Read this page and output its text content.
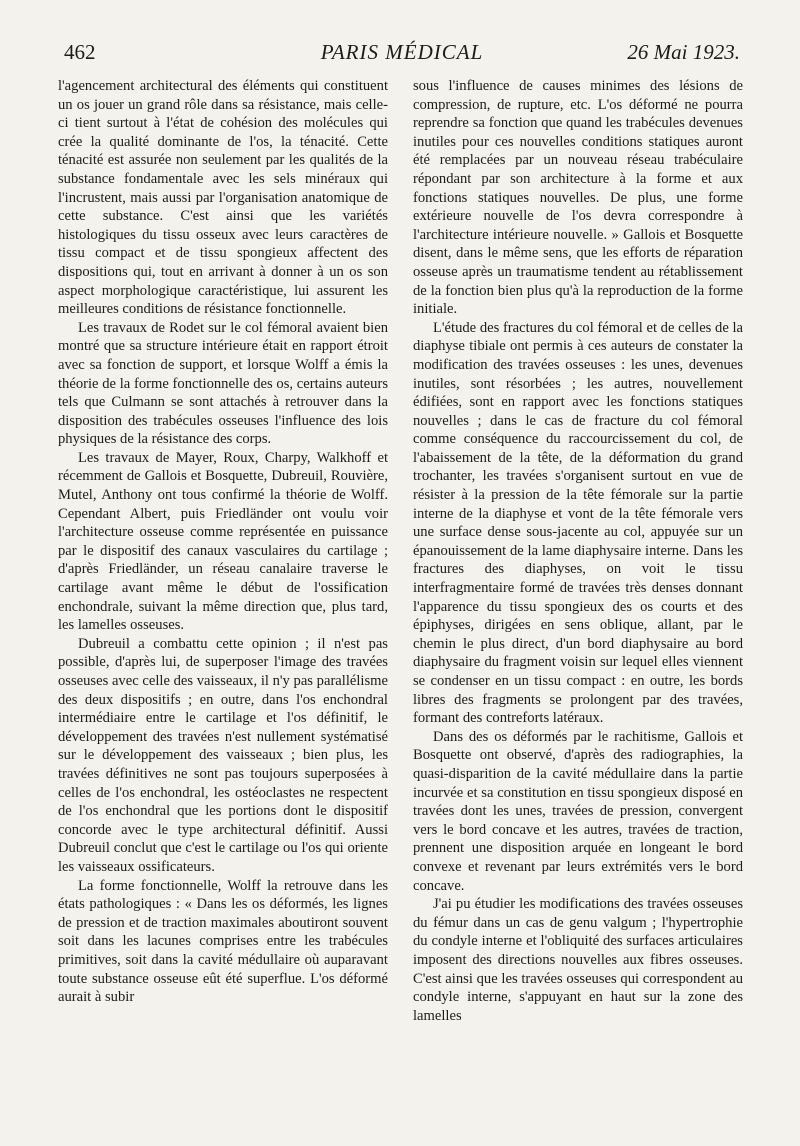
462	PARIS MÉDICAL	26 Mai 1923.

l'agencement architectural des éléments qui constituent un os jouer un grand rôle dans sa résistance, mais celle-ci tient surtout à l'état de cohésion des molécules qui crée la qualité dominante de l'os, la ténacité. Cette ténacité est assurée non seulement par les qualités de la substance fondamentale avec les sels minéraux qui l'incrustent, mais aussi par l'organisation anatomique de cette substance. C'est ainsi que les variétés histologiques du tissu osseux avec leurs caractères de tissu compact et de tissu spongieux affectent des dispositions qui, tout en arrivant à donner à un os son aspect morphologique caractéristique, lui assurent les meilleures conditions de résistance fonctionnelle.

Les travaux de Rodet sur le col fémoral avaient bien montré que sa structure intérieure était en rapport étroit avec sa fonction de support, et lorsque Wolff a émis la théorie de la forme fonctionnelle des os, certains auteurs tels que Culmann se sont attachés à retrouver dans la disposition des trabécules osseuses l'influence des lois physiques de la résistance des corps.

Les travaux de Mayer, Roux, Charpy, Walkhoff et récemment de Gallois et Bosquette, Dubreuil, Rouvière, Mutel, Anthony ont tous confirmé la théorie de Wolff. Cependant Albert, puis Friedländer ont voulu voir l'architecture osseuse comme représentée en puissance par le dispositif des canaux vasculaires du cartilage ; d'après Friedländer, un réseau canalaire traverse le cartilage avant même le début de l'ossification enchondrale, suivant la même direction que, plus tard, les lamelles osseuses.

Dubreuil a combattu cette opinion ; il n'est pas possible, d'après lui, de superposer l'image des travées osseuses avec celle des vaisseaux, il n'y pas parallélisme des deux dispositifs ; en outre, dans l'os enchondral intermédiaire entre le cartilage et l'os définitif, le développement des travées n'est nullement systématisé sur le développement des vaisseaux ; bien plus, les travées définitives ne sont pas toujours superposées à celles de l'os enchondral, les ostéoclastes ne respectent de l'os enchondral que les portions dont le dispositif concorde avec le type architectural définitif. Aussi Dubreuil conclut que c'est le cartilage ou l'os qui oriente les vaisseaux ossificateurs.

La forme fonctionnelle, Wolff la retrouve dans les états pathologiques : « Dans les os déformés, les lignes de pression et de traction maximales aboutiront souvent soit dans les lacunes comprises entre les trabécules primitives, soit dans la cavité médullaire où auparavant toute substance osseuse eût été superflue. L'os déformé aurait à subir

sous l'influence de causes minimes des lésions de compression, de rupture, etc. L'os déformé ne pourra reprendre sa fonction que quand les trabécules devenues inutiles pour ces nouvelles conditions statiques auront été remplacées par un nouveau réseau trabéculaire répondant par son architecture à la forme et aux fonctions statiques nouvelles. De plus, une forme extérieure nouvelle de l'os devra correspondre à l'architecture intérieure nouvelle. » Gallois et Bosquette disent, dans le même sens, que les efforts de réparation osseuse après un traumatisme tendent au rétablissement de la fonction bien plus qu'à la reproduction de la forme initiale.

L'étude des fractures du col fémoral et de celles de la diaphyse tibiale ont permis à ces auteurs de constater la modification des travées osseuses : les unes, devenues inutiles, sont résorbées ; les autres, nouvellement édifiées, sont en rapport avec les fonctions statiques nouvelles ; dans le cas de fracture du col fémoral comme conséquence du raccourcissement du col, de l'abaissement de la tête, de la déformation du grand trochanter, les travées s'organisent surtout en vue de résister à la pression de la tête fémorale sur la partie interne de la diaphyse et vont de la tête fémorale vers une surface dense sous-jacente au col, appuyée sur un épanouissement de la lame diaphysaire interne. Dans les fractures des diaphyses, on voit le tissu interfragmentaire formé de travées très denses donnant l'apparence du tissu spongieux des os courts et des épiphyses, dirigées en sens oblique, allant, par le chemin le plus direct, d'un bord diaphysaire au bord diaphysaire du fragment voisin sur lequel elles viennent se condenser en un tissu compact : en outre, les bords libres des fragments se prolongent par des travées, formant des contreforts latéraux.

Dans des os déformés par le rachitisme, Gallois et Bosquette ont observé, d'après des radiographies, la quasi-disparition de la cavité médullaire dans la partie incurvée et sa constitution en tissu spongieux disposé en travées dont les unes, travées de pression, convergent vers le bord concave et les autres, travées de traction, prennent une disposition arquée en longeant le bord convexe et revenant par leurs extrémités vers le bord concave.

J'ai pu étudier les modifications des travées osseuses du fémur dans un cas de genu valgum ; l'hypertrophie du condyle interne et l'obliquité des surfaces articulaires imposent des directions nouvelles aux fibres osseuses. C'est ainsi que les travées osseuses qui correspondent au condyle interne, s'appuyant en haut sur la zone des lamelles
